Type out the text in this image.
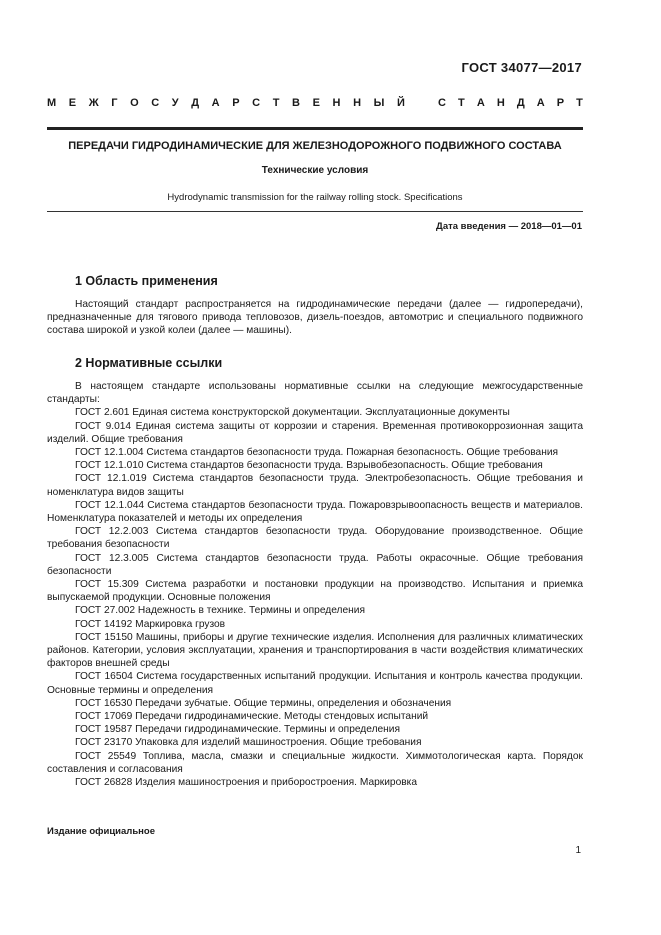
ГОСТ 34077—2017
М Е Ж Г О С У Д А Р С Т В Е Н Н Ы Й	С Т А Н Д А Р Т
ПЕРЕДАЧИ ГИДРОДИНАМИЧЕСКИЕ ДЛЯ ЖЕЛЕЗНОДОРОЖНОГО ПОДВИЖНОГО СОСТАВА
Технические условия
Hydrodynamic transmission for the railway rolling stock. Specifications
Дата введения — 2018—01—01
1 Область применения

Настоящий стандарт распространяется на гидродинамические передачи (далее — гидропередачи), предназначенные для тягового привода тепловозов, дизель-поездов, автомотрис и специального подвижного состава широкой и узкой колеи (далее — машины).

2 Нормативные ссылки

В настоящем стандарте использованы нормативные ссылки на следующие межгосударственные стандарты:

ГОСТ 2.601 Единая система конструкторской документации. Эксплуатационные документы

ГОСТ 9.014 Единая система защиты от коррозии и старения. Временная противокоррозионная защита изделий. Общие требования

ГОСТ 12.1.004 Система стандартов безопасности труда. Пожарная безопасность. Общие требования

ГОСТ 12.1.010 Система стандартов безопасности труда. Взрывобезопасность. Общие требования

ГОСТ 12.1.019 Система стандартов безопасности труда. Электробезопасность. Общие требования и номенклатура видов защиты

ГОСТ 12.1.044 Система стандартов безопасности труда. Пожаровзрывоопасность веществ и материалов. Номенклатура показателей и методы их определения

ГОСТ 12.2.003 Система стандартов безопасности труда. Оборудование производственное. Общие требования безопасности

ГОСТ 12.3.005 Система стандартов безопасности труда. Работы окрасочные. Общие требования безопасности

ГОСТ 15.309 Система разработки и постановки продукции на производство. Испытания и приемка выпускаемой продукции. Основные положения

ГОСТ 27.002 Надежность в технике. Термины и определения

ГОСТ 14192 Маркировка грузов

ГОСТ 15150 Машины, приборы и другие технические изделия. Исполнения для различных климатических районов. Категории, условия эксплуатации, хранения и транспортирования в части воздействия климатических факторов внешней среды

ГОСТ 16504 Система государственных испытаний продукции. Испытания и контроль качества продукции. Основные термины и определения

ГОСТ 16530 Передачи зубчатые. Общие термины, определения и обозначения

ГОСТ 17069 Передачи гидродинамические. Методы стендовых испытаний

ГОСТ 19587 Передачи гидродинамические. Термины и определения

ГОСТ 23170 Упаковка для изделий машиностроения. Общие требования

ГОСТ 25549 Топлива, масла, смазки и специальные жидкости. Химмотологическая карта. Порядок составления и согласования

ГОСТ 26828 Изделия машиностроения и приборостроения. Маркировка

Издание официальное
1
